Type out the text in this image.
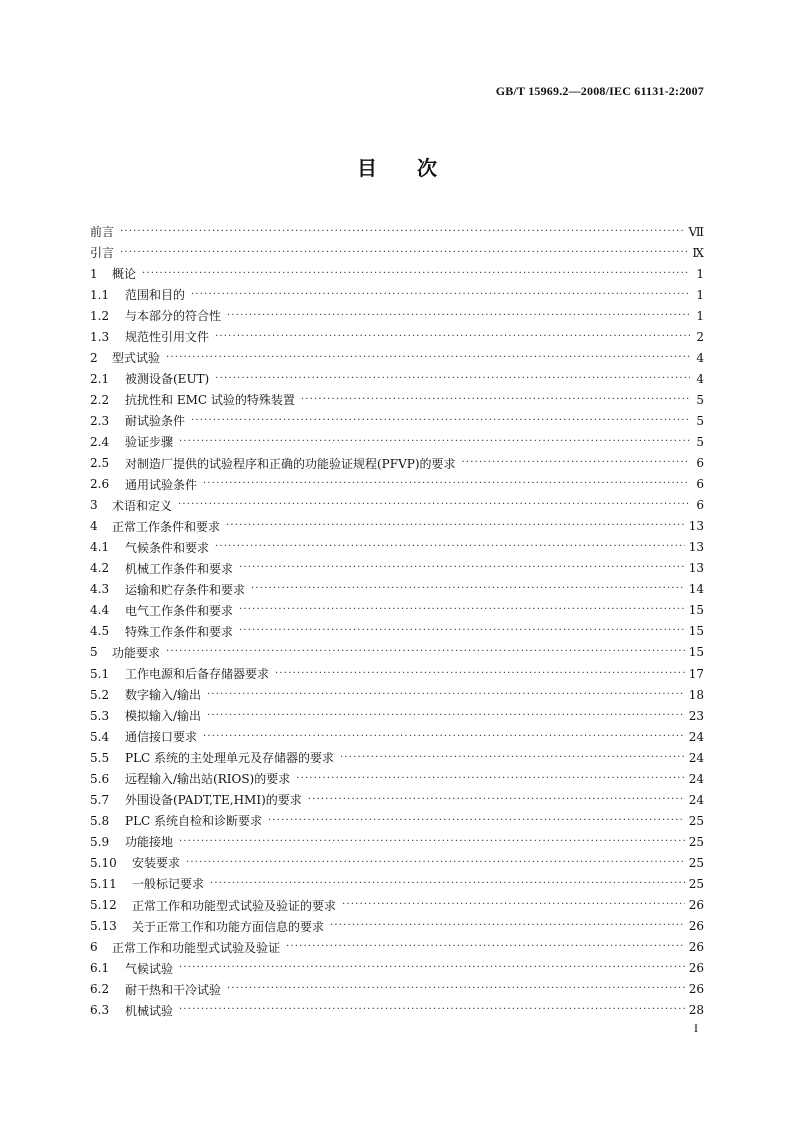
GB/T 15969.2—2008/IEC 61131-2:2007
目 次
前言 ·····	Ⅶ
引言 ·····	Ⅸ
1	概论 ·····	1
1.1	范围和目的 ·····	1
1.2	与本部分的符合性 ·····	1
1.3	规范性引用文件 ·····	2
2	型式试验 ·····	4
2.1	被测设备(EUT) ·····	4
2.2	抗扰性和 EMC 试验的特殊装置 ·····	5
2.3	耐试验条件 ·····	5
2.4	验证步骤 ·····	5
2.5	对制造厂提供的试验程序和正确的功能验证规程(PFVP)的要求 ·····	6
2.6	通用试验条件 ·····	6
3	术语和定义 ·····	6
4	正常工作条件和要求 ·····	13
4.1	气候条件和要求 ·····	13
4.2	机械工作条件和要求 ·····	13
4.3	运输和贮存条件和要求 ·····	14
4.4	电气工作条件和要求 ·····	15
4.5	特殊工作条件和要求 ·····	15
5	功能要求 ·····	15
5.1	工作电源和后备存储器要求 ·····	17
5.2	数字输入/输出 ·····	18
5.3	模拟输入/输出 ·····	23
5.4	通信接口要求 ·····	24
5.5	PLC 系统的主处理单元及存储器的要求 ·····	24
5.6	远程输入/输出站(RIOS)的要求 ·····	24
5.7	外围设备(PADT,TE,HMI)的要求 ·····	24
5.8	PLC 系统自检和诊断要求 ·····	25
5.9	功能接地 ·····	25
5.10	安装要求 ·····	25
5.11	一般标记要求 ·····	25
5.12	正常工作和功能型式试验及验证的要求 ·····	26
5.13	关于正常工作和功能方面信息的要求 ·····	26
6	正常工作和功能型式试验及验证 ·····	26
6.1	气候试验 ·····	26
6.2	耐干热和干冷试验 ·····	26
6.3	机械试验 ·····	28
I
